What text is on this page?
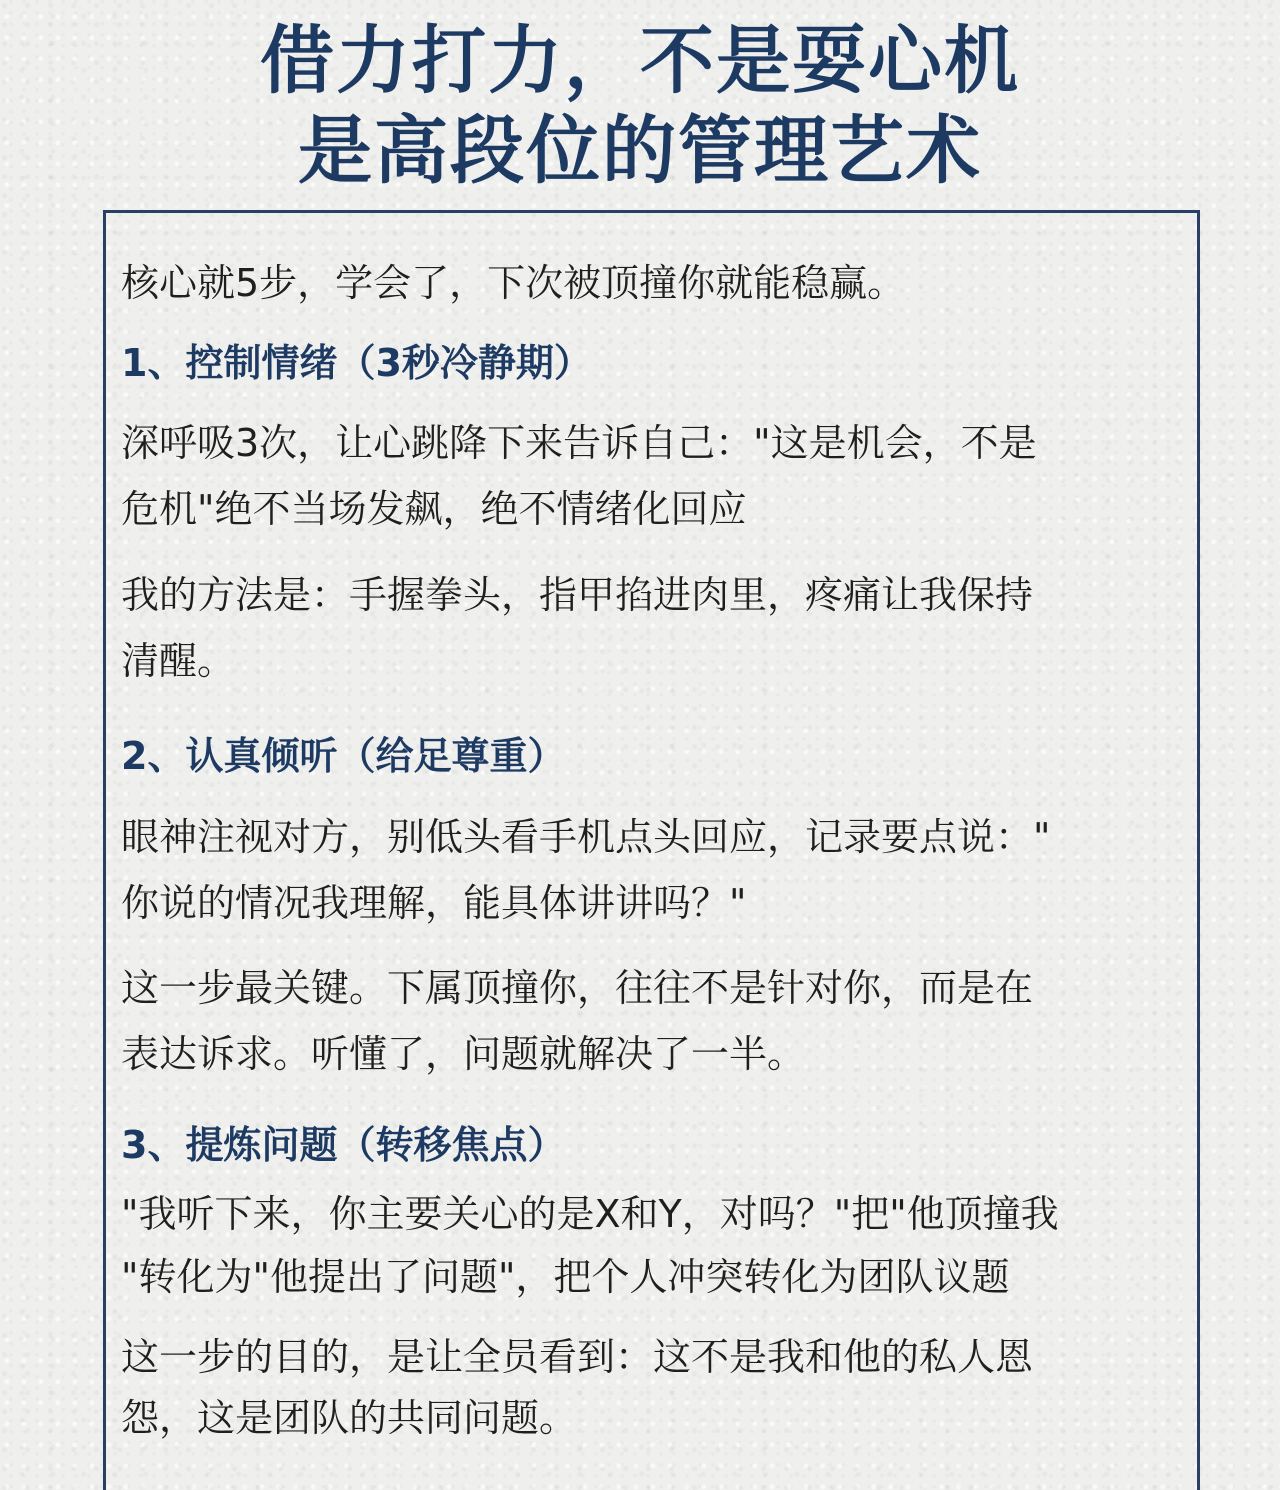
借力打力，不是耍心机
是高段位的管理艺术
核心就5步，学会了，下次被顶撞你就能稳赢。
1、控制情绪（3秒冷静期）
深呼吸3次，让心跳降下来告诉自己："这是机会，不是
危机"绝不当场发飙，绝不情绪化回应
我的方法是：手握拳头，指甲掐进肉里，疼痛让我保持
清醒。
2、认真倾听（给足尊重）
眼神注视对方，别低头看手机点头回应，记录要点说："
你说的情况我理解，能具体讲讲吗？"
这一步最关键。下属顶撞你，往往不是针对你，而是在
表达诉求。听懂了，问题就解决了一半。
3、提炼问题（转移焦点）
"我听下来，你主要关心的是X和Y，对吗？"把"他顶撞我
"转化为"他提出了问题"，把个人冲突转化为团队议题
这一步的目的，是让全员看到：这不是我和他的私人恩
怨，这是团队的共同问题。
